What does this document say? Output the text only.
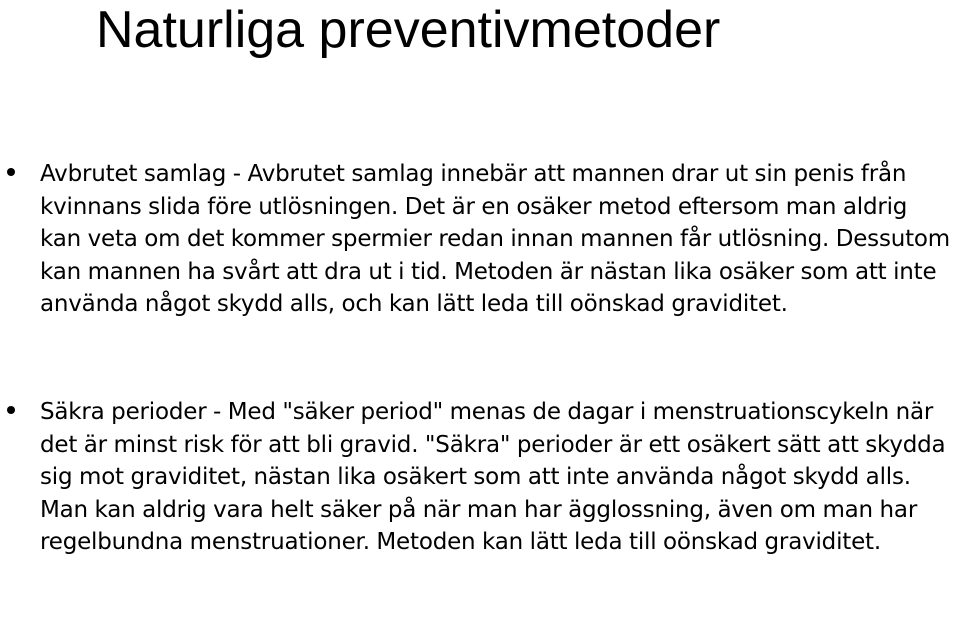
Naturliga preventivmetoder

Avbrutet samlag - Avbrutet samlag innebär att mannen drar ut sin penis från kvinnans slida före utlösningen. Det är en osäker metod eftersom man aldrig kan veta om det kommer spermier redan innan mannen får utlösning. Dessutom kan mannen ha svårt att dra ut i tid. Metoden är nästan lika osäker som att inte använda något skydd alls, och kan lätt leda till oönskad graviditet.

Säkra perioder - Med "säker period" menas de dagar i menstruationscykeln när det är minst risk för att bli gravid. "Säkra" perioder är ett osäkert sätt att skydda sig mot graviditet, nästan lika osäkert som att inte använda något skydd alls. Man kan aldrig vara helt säker på när man har ägglossning, även om man har regelbundna menstruationer. Metoden kan lätt leda till oönskad graviditet.
